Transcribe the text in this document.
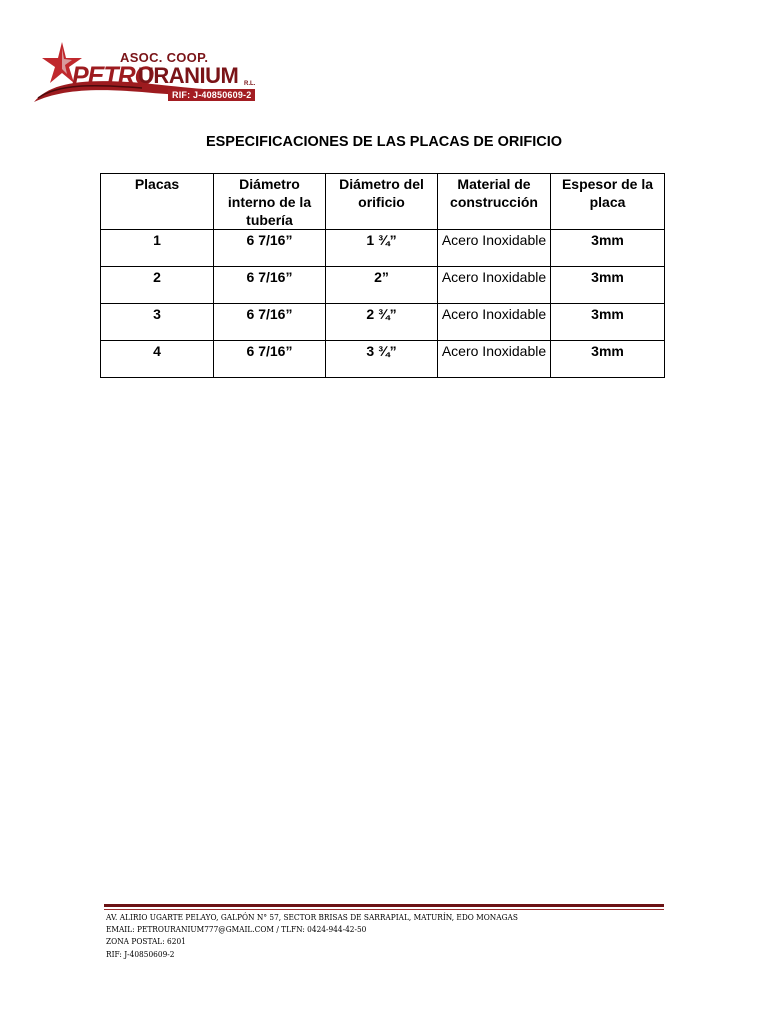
ASOC. COOP.
PETRO
URANIUM R.L.
RIF: J-40850609-2
ESPECIFICACIONES DE LAS PLACAS DE ORIFICIO
Placas	Diámetro interno de la tubería	Diámetro del orificio	Material de construcción	Espesor de la placa
1	6 7/16”	1 ¾”	Acero Inoxidable	3mm
2	6 7/16”	2”	Acero Inoxidable	3mm
3	6 7/16”	2 ¾”	Acero Inoxidable	3mm
4	6 7/16”	3 ¾”	Acero Inoxidable	3mm
AV. ALIRIO UGARTE PELAYO, GALPÓN N° 57, SECTOR BRISAS DE SARRAPIAL, MATURÍN, EDO MONAGAS
EMAIL: PETROURANIUM777@GMAIL.COM / TLFN: 0424-944-42-50
ZONA POSTAL: 6201
RIF: J-40850609-2
